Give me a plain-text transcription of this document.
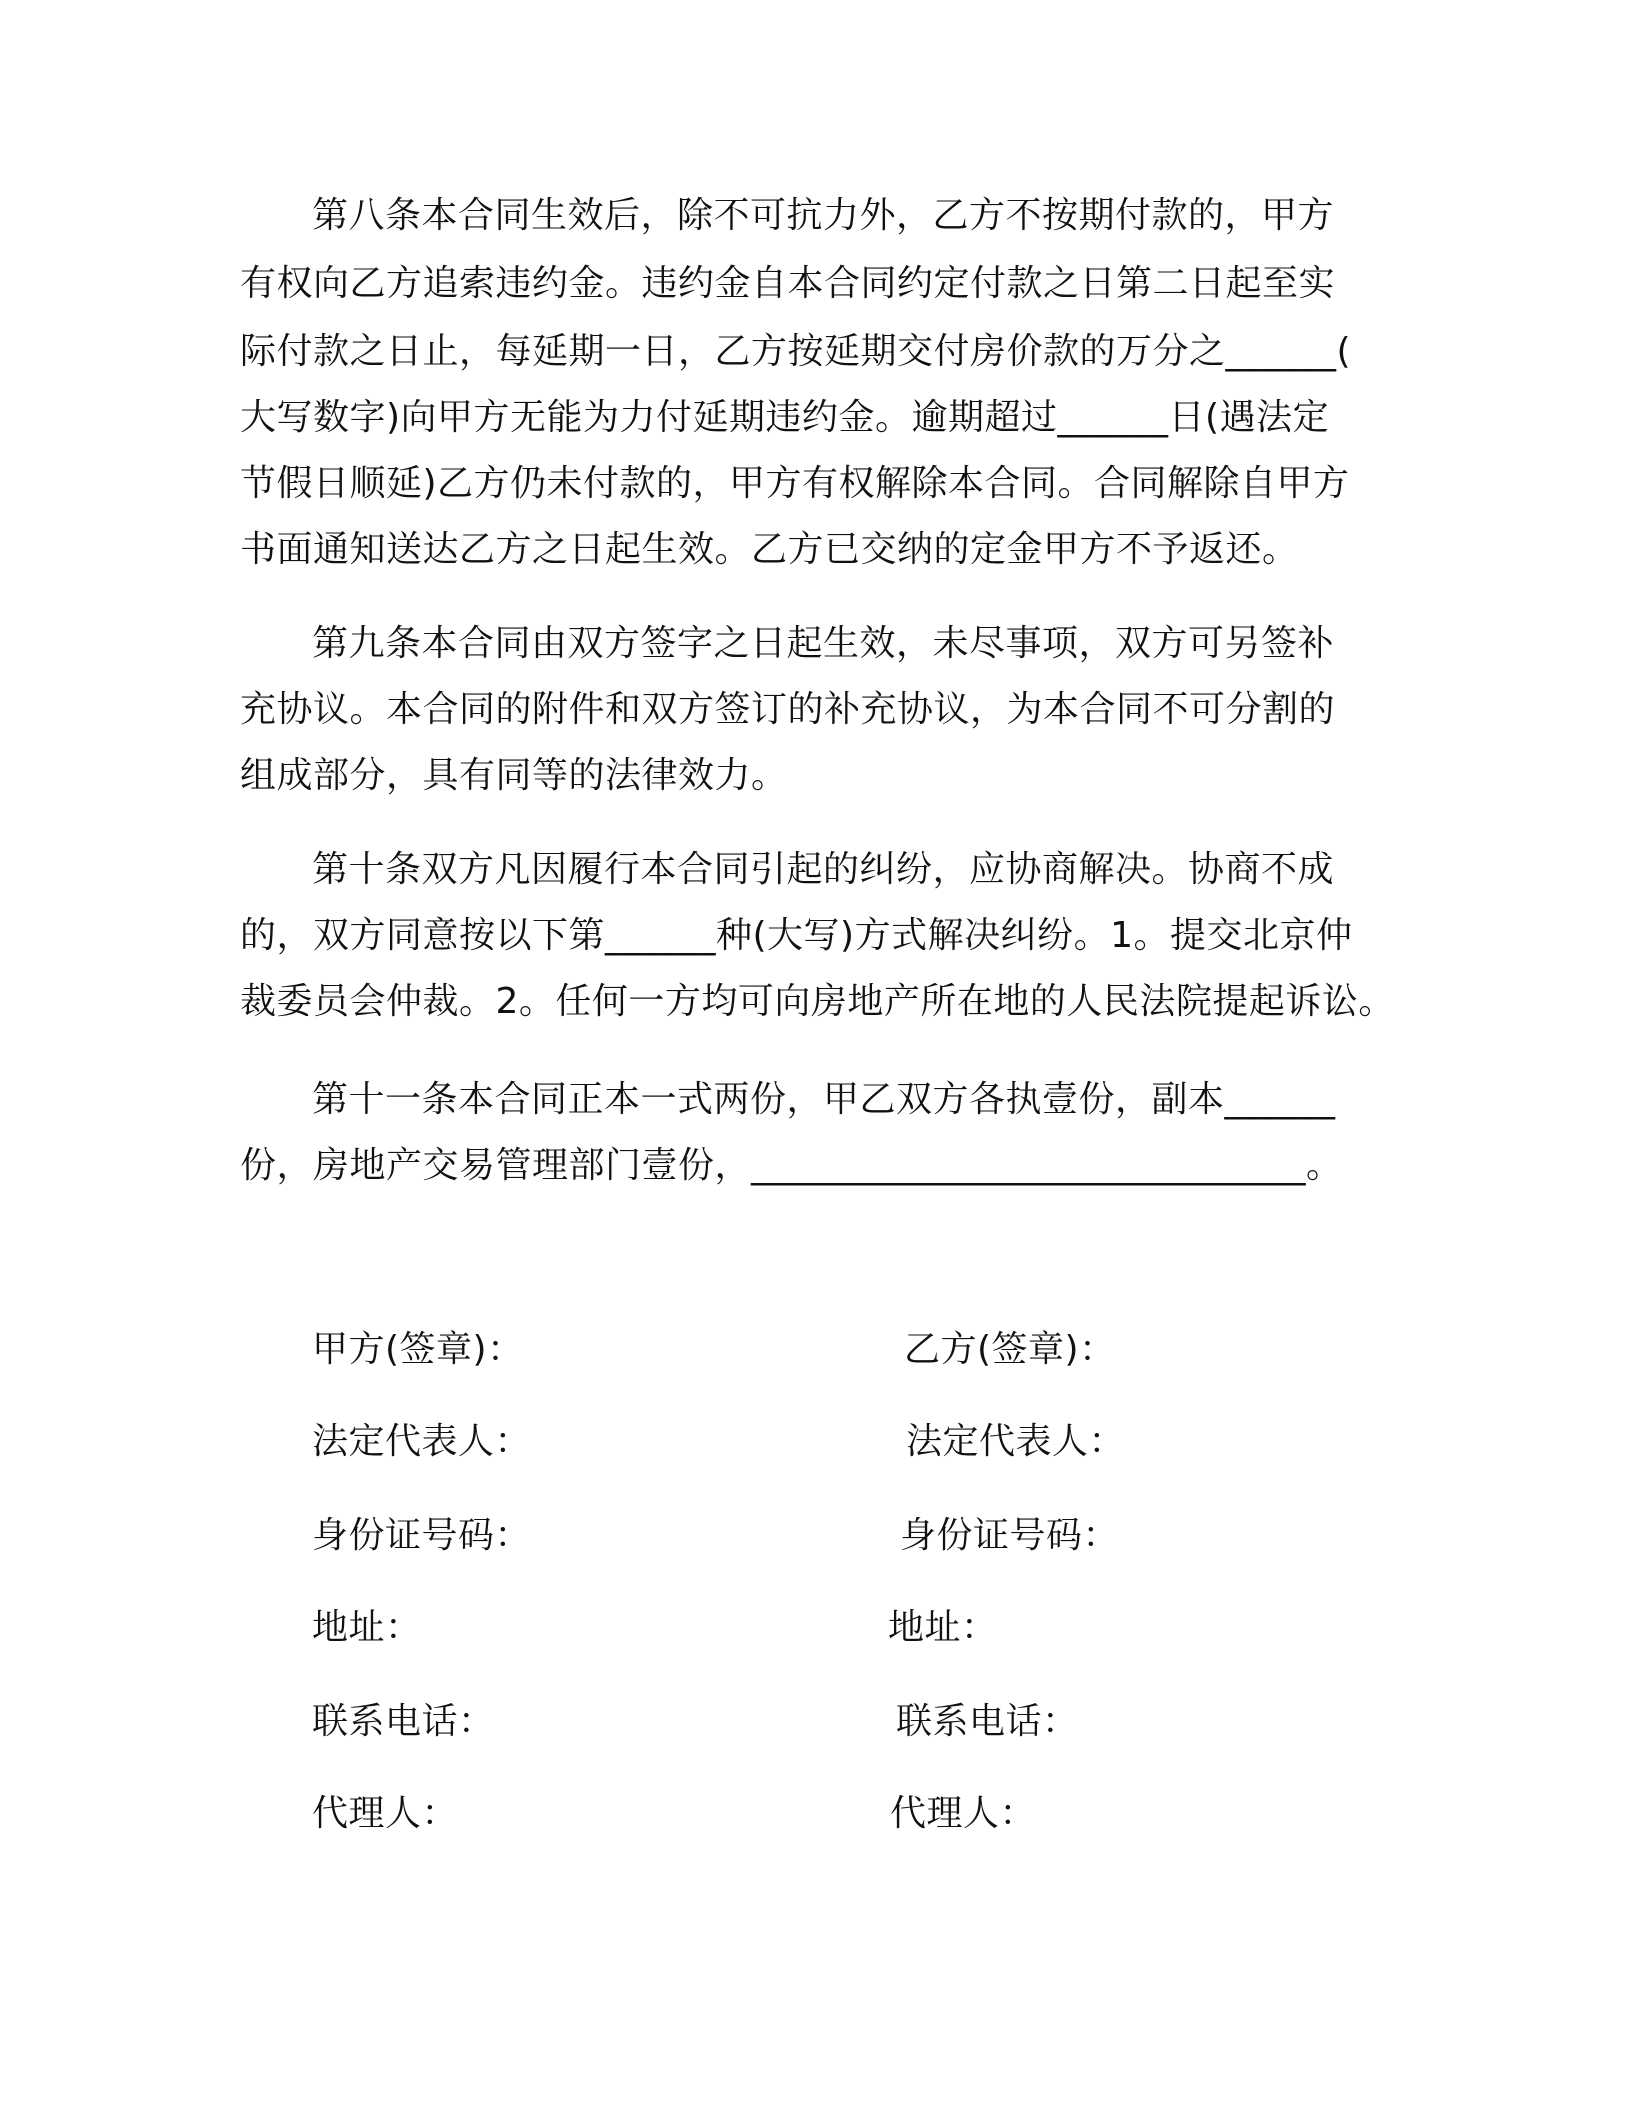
第八条本合同生效后，除不可抗力外，乙方不按期付款的，甲方
有权向乙方追索违约金。违约金自本合同约定付款之日第二日起至实
际付款之日止，每延期一日，乙方按延期交付房价款的万分之______(
大写数字)向甲方无能为力付延期违约金。逾期超过______日(遇法定
节假日顺延)乙方仍未付款的，甲方有权解除本合同。合同解除自甲方
书面通知送达乙方之日起生效。乙方已交纳的定金甲方不予返还。
第九条本合同由双方签字之日起生效，未尽事项，双方可另签补
充协议。本合同的附件和双方签订的补充协议，为本合同不可分割的
组成部分，具有同等的法律效力。
第十条双方凡因履行本合同引起的纠纷，应协商解决。协商不成
的，双方同意按以下第______种(大写)方式解决纠纷。1。提交北京仲
裁委员会仲裁。2。任何一方均可向房地产所在地的人民法院提起诉讼。
第十一条本合同正本一式两份，甲乙双方各执壹份，副本______
份，房地产交易管理部门壹份，______________________________。
甲方(签章)：
法定代表人：
身份证号码：
地址：
联系电话：
代理人：
乙方(签章)：
法定代表人：
身份证号码：
地址：
联系电话：
代理人：
